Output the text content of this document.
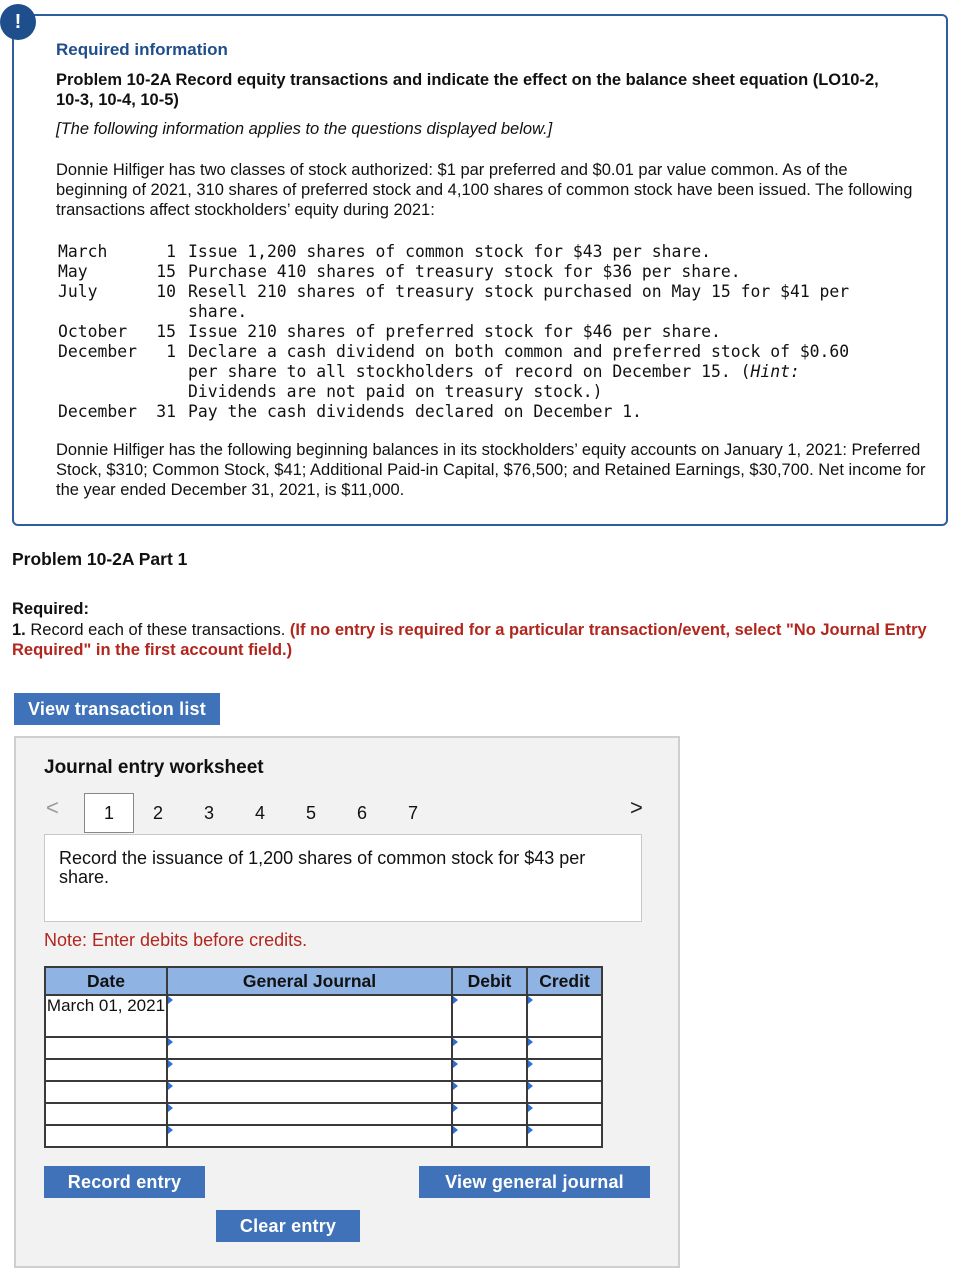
!
Required information
Problem 10-2A Record equity transactions and indicate the effect on the balance sheet equation (LO10-2, 10-3, 10-4, 10-5)
[The following information applies to the questions displayed below.]
Donnie Hilfiger has two classes of stock authorized: $1 par preferred and $0.01 par value common. As of the beginning of 2021, 310 shares of preferred stock and 4,100 shares of common stock have been issued. The following transactions affect stockholders’ equity during 2021:
March	1	Issue 1,200 shares of common stock for $43 per share.
May	15	Purchase 410 shares of treasury stock for $36 per share.
July	10	Resell 210 shares of treasury stock purchased on May 15 for $41 per share.
October	15	Issue 210 shares of preferred stock for $46 per share.
December	1	Declare a cash dividend on both common and preferred stock of $0.60 per share to all stockholders of record on December 15. (Hint: Dividends are not paid on treasury stock.)
December	31	Pay the cash dividends declared on December 1.
Donnie Hilfiger has the following beginning balances in its stockholders’ equity accounts on January 1, 2021: Preferred Stock, $310; Common Stock, $41; Additional Paid-in Capital, $76,500; and Retained Earnings, $30,700. Net income for the year ended December 31, 2021, is $11,000.
Problem 10-2A Part 1
Required:
1. Record each of these transactions. (If no entry is required for a particular transaction/event, select "No Journal Entry Required" in the first account field.)
View transaction list
Journal entry worksheet
<	1	2 3 4 5 6 7	>
Record the issuance of 1,200 shares of common stock for $43 per share.
Note: Enter debits before credits.
Date	General Journal	Debit	Credit
March 01, 2021	

Record entry	View general journal
Clear entry
